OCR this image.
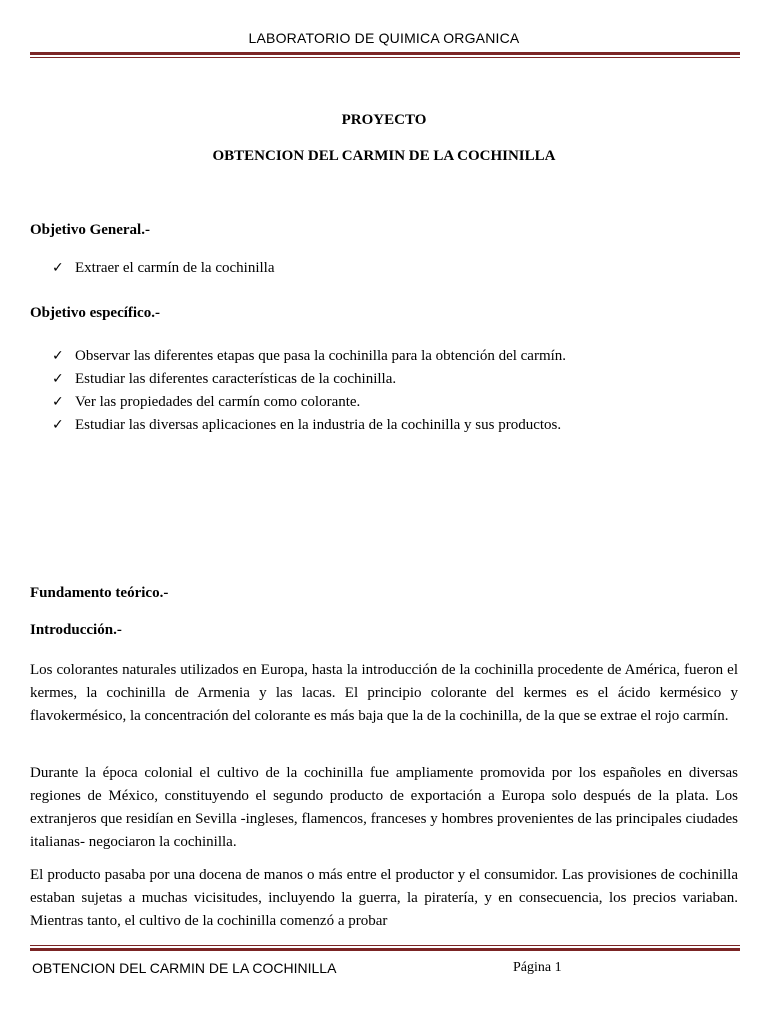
LABORATORIO DE QUIMICA ORGANICA
PROYECTO
OBTENCION DEL CARMIN DE LA COCHINILLA
Objetivo General.-
✓ Extraer el carmín de la cochinilla
Objetivo específico.-
✓ Observar las diferentes etapas que pasa la cochinilla para la obtención del carmín.
✓ Estudiar las diferentes características de la cochinilla.
✓ Ver las propiedades del carmín como colorante.
✓ Estudiar las diversas aplicaciones en la industria de la cochinilla y sus productos.
Fundamento teórico.-
Introducción.-

Los colorantes naturales utilizados en Europa, hasta la introducción de la cochinilla procedente de América, fueron el kermes, la cochinilla de Armenia y las lacas. El principio colorante del kermes es el ácido kermésico y flavokermésico, la concentración del colorante es más baja que la de la cochinilla, de la que se extrae el rojo carmín.

Durante la época colonial el cultivo de la cochinilla fue ampliamente promovida por los españoles en diversas regiones de México, constituyendo el segundo producto de exportación a Europa solo después de la plata. Los extranjeros que residían en Sevilla -ingleses, flamencos, franceses y hombres provenientes de las principales ciudades italianas- negociaron la cochinilla.

El producto pasaba por una docena de manos o más entre el productor y el consumidor. Las provisiones de cochinilla estaban sujetas a muchas vicisitudes, incluyendo la guerra, la piratería, y en consecuencia, los precios variaban. Mientras tanto, el cultivo de la cochinilla comenzó a probar

OBTENCION DEL CARMIN DE LA COCHINILLA	Página 1
